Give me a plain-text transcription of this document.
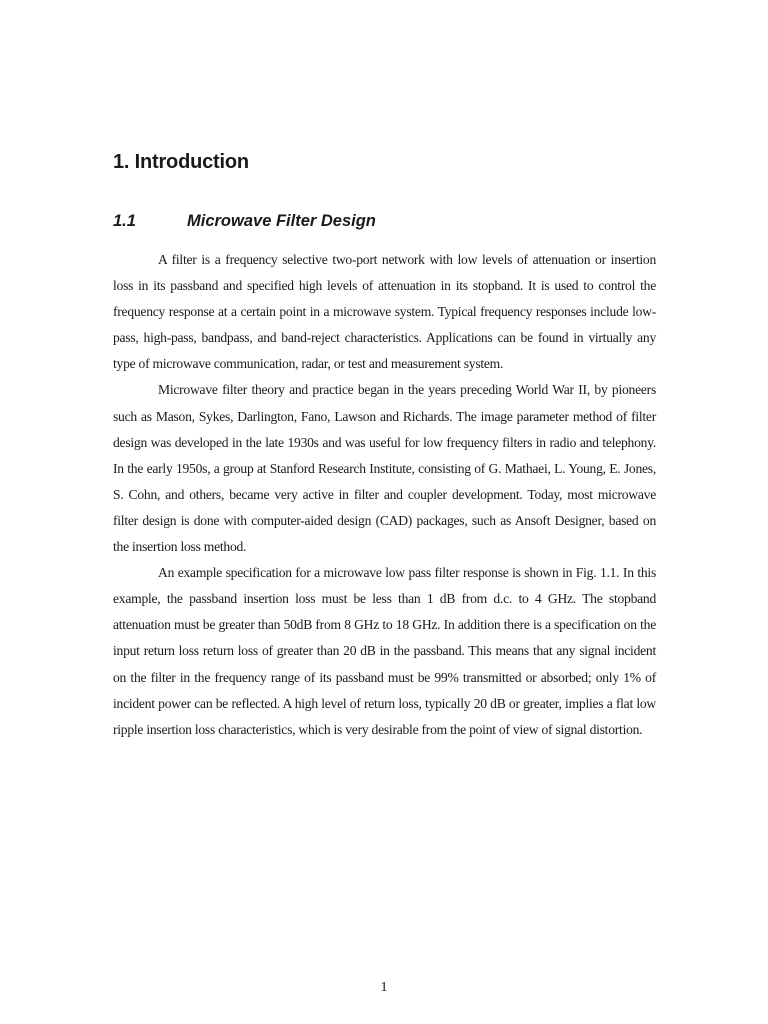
1. Introduction
1.1	Microwave Filter Design

A filter is a frequency selective two-port network with low levels of attenuation or insertion loss in its passband and specified high levels of attenuation in its stopband. It is used to control the frequency response at a certain point in a microwave system. Typical frequency responses include low-pass, high-pass, bandpass, and band-reject characteristics. Applications can be found in virtually any type of microwave communication, radar, or test and measurement system.

Microwave filter theory and practice began in the years preceding World War II, by pioneers such as Mason, Sykes, Darlington, Fano, Lawson and Richards. The image parameter method of filter design was developed in the late 1930s and was useful for low frequency filters in radio and telephony. In the early 1950s, a group at Stanford Research Institute, consisting of G. Mathaei, L. Young, E. Jones, S. Cohn, and others, became very active in filter and coupler development. Today, most microwave filter design is done with computer-aided design (CAD) packages, such as Ansoft Designer, based on the insertion loss method.

An example specification for a microwave low pass filter response is shown in Fig. 1.1. In this example, the passband insertion loss must be less than 1 dB from d.c. to 4 GHz. The stopband attenuation must be greater than 50dB from 8 GHz to 18 GHz. In addition there is a specification on the input return loss return loss of greater than 20 dB in the passband. This means that any signal incident on the filter in the frequency range of its passband must be 99% transmitted or absorbed; only 1% of incident power can be reflected. A high level of return loss, typically 20 dB or greater, implies a flat low ripple insertion loss characteristics, which is very desirable from the point of view of signal distortion.

1
